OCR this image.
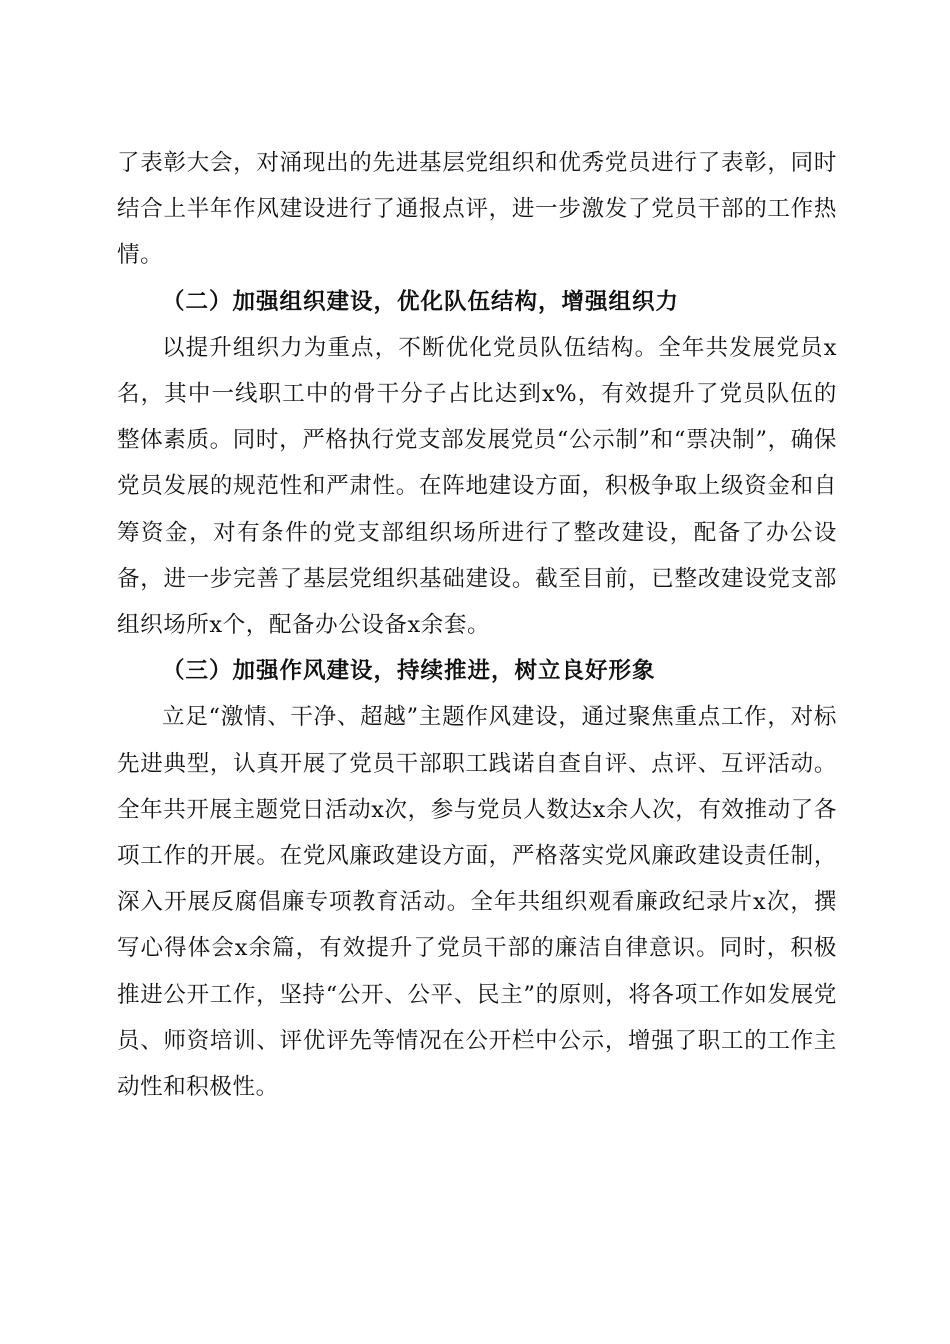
了表彰大会，对涌现出的先进基层党组织和优秀党员进行了表彰，同时结合上半年作风建设进行了通报点评，进一步激发了党员干部的工作热情。

（二）加强组织建设，优化队伍结构，增强组织力

以提升组织力为重点，不断优化党员队伍结构。全年共发展党员x名，其中一线职工中的骨干分子占比达到x%，有效提升了党员队伍的整体素质。同时，严格执行党支部发展党员“公示制”和“票决制”，确保党员发展的规范性和严肃性。在阵地建设方面，积极争取上级资金和自筹资金，对有条件的党支部组织场所进行了整改建设，配备了办公设备，进一步完善了基层党组织基础建设。截至目前，已整改建设党支部组织场所x个，配备办公设备x余套。

（三）加强作风建设，持续推进，树立良好形象

立足“激情、干净、超越”主题作风建设，通过聚焦重点工作，对标先进典型，认真开展了党员干部职工践诺自查自评、点评、互评活动。全年共开展主题党日活动x次，参与党员人数达x余人次，有效推动了各项工作的开展。在党风廉政建设方面，严格落实党风廉政建设责任制，深入开展反腐倡廉专项教育活动。全年共组织观看廉政纪录片x次，撰写心得体会x余篇，有效提升了党员干部的廉洁自律意识。同时，积极推进公开工作，坚持“公开、公平、民主”的原则，将各项工作如发展党员、师资培训、评优评先等情况在公开栏中公示，增强了职工的工作主动性和积极性。
